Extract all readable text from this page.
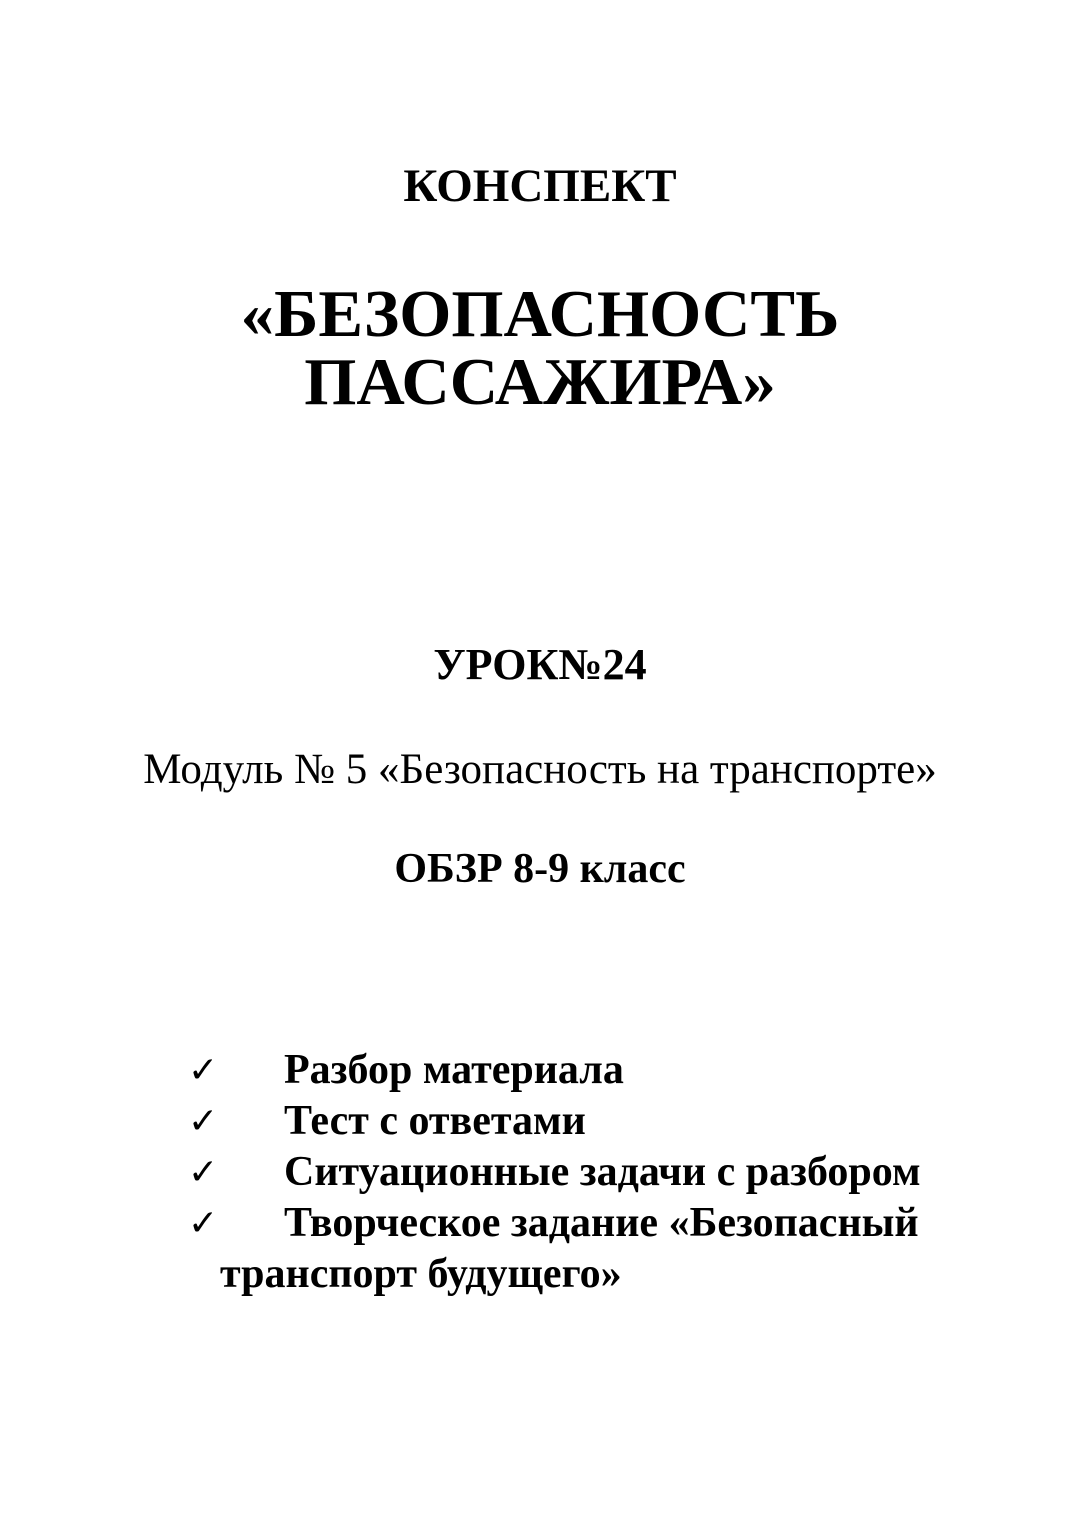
КОНСПЕКТ

«БЕЗОПАСНОСТЬ
ПАССАЖИРА»

УРОК№24

Модуль № 5 «Безопасность на транспорте»

ОБЗР 8-9 класс

✓ Разбор материала
✓ Тест с ответами
✓ Ситуационные задачи с разбором
✓ Творческое задание «Безопасный
транспорт будущего»
